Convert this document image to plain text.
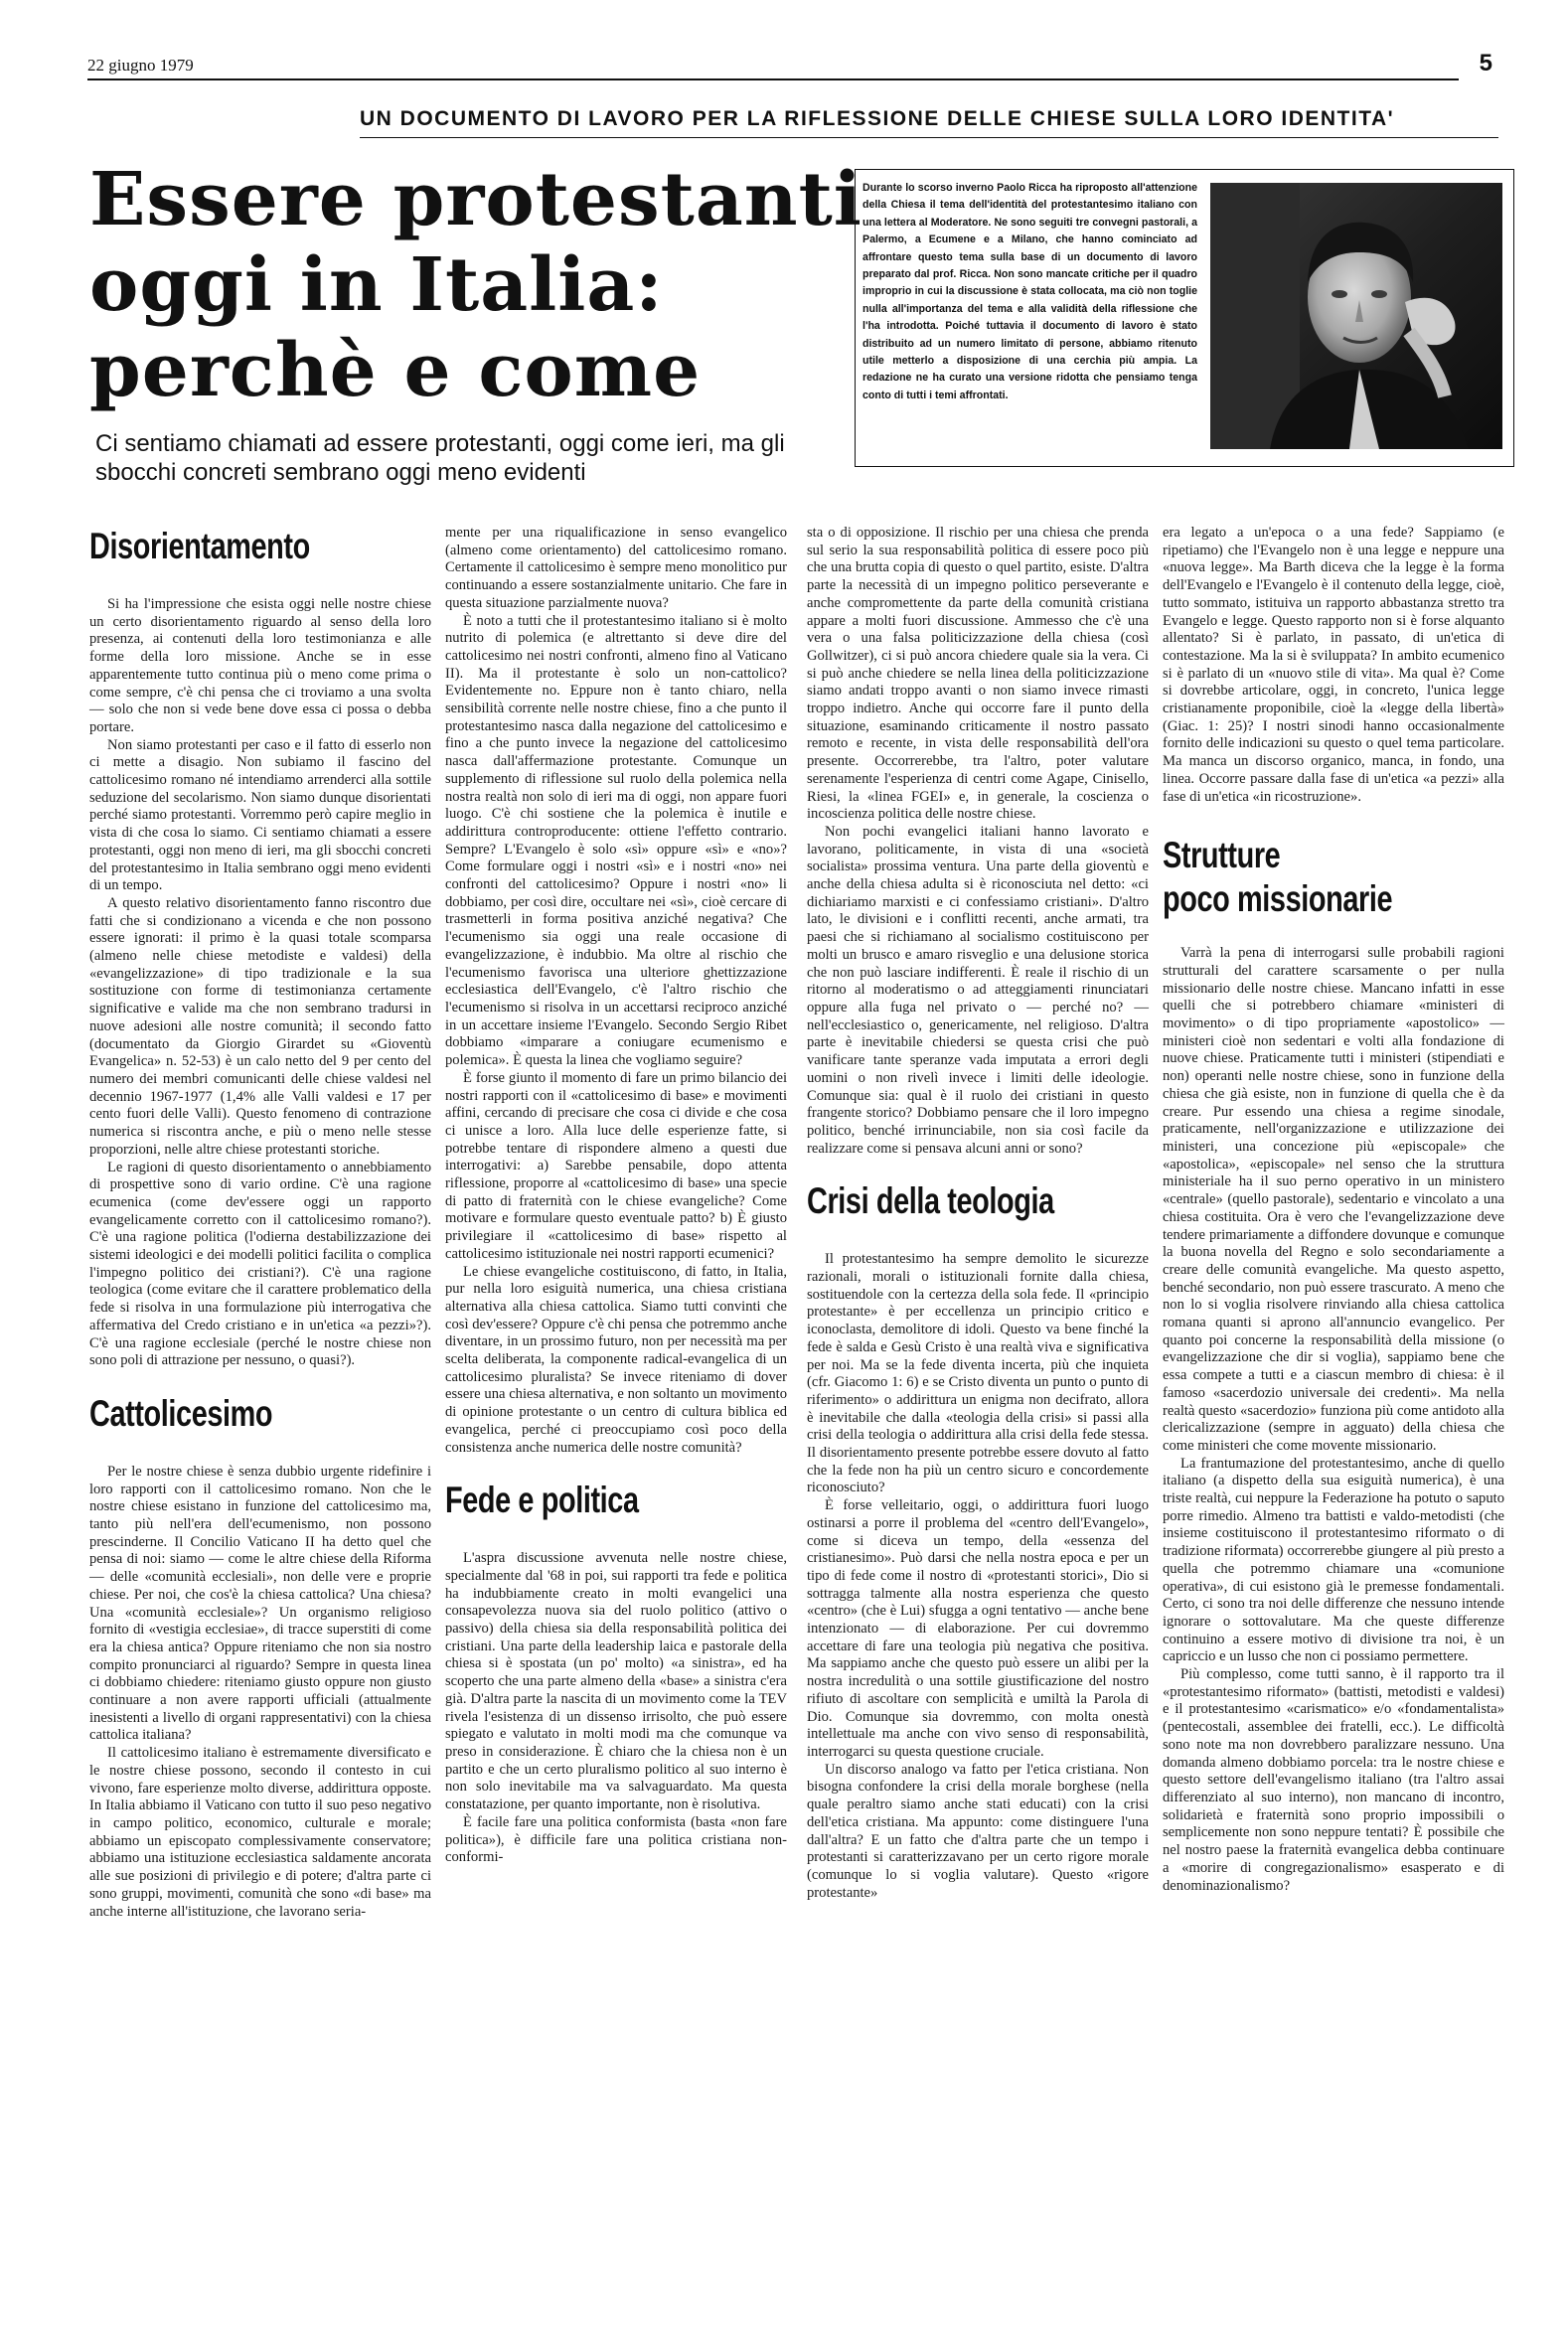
22 giugno 1979	5
UN DOCUMENTO DI LAVORO PER LA RIFLESSIONE DELLE CHIESE SULLA LORO IDENTITA'
Essere protestanti
oggi in Italia:
perchè e come
Ci sentiamo chiamati ad essere protestanti, oggi come ieri, ma gli sbocchi concreti sembrano oggi meno evidenti
Durante lo scorso inverno Paolo Ricca ha riproposto all'attenzione della Chiesa il tema dell'identità del protestantesimo italiano con una lettera al Moderatore. Ne sono seguiti tre convegni pastorali, a Palermo, a Ecumene e a Milano, che hanno cominciato ad affrontare questo tema sulla base di un documento di lavoro preparato dal prof. Ricca. Non sono mancate critiche per il quadro improprio in cui la discussione è stata collocata, ma ciò non toglie nulla all'importanza del tema e alla validità della riflessione che l'ha introdotta. Poiché tuttavia il documento di lavoro è stato distribuito ad un numero limitato di persone, abbiamo ritenuto utile metterlo a disposizione di una cerchia più ampia. La redazione ne ha curato una versione ridotta che pensiamo tenga conto di tutti i temi affrontati.
Disorientamento

Si ha l'impressione che esista oggi nelle nostre chiese un certo disorientamento riguardo al senso della loro presenza, ai contenuti della loro testimonianza e alle forme della loro missione. Anche se in esse apparentemente tutto continua più o meno come prima o come sempre, c'è chi pensa che ci troviamo a una svolta — solo che non si vede bene dove essa ci possa o debba portare.

Non siamo protestanti per caso e il fatto di esserlo non ci mette a disagio. Non subiamo il fascino del cattolicesimo romano né intendiamo arrenderci alla sottile seduzione del secolarismo. Non siamo dunque disorientati perché siamo protestanti. Vorremmo però capire meglio in vista di che cosa lo siamo. Ci sentiamo chiamati a essere protestanti, oggi non meno di ieri, ma gli sbocchi concreti del protestantesimo in Italia sembrano oggi meno evidenti di un tempo.

A questo relativo disorientamento fanno riscontro due fatti che si condizionano a vicenda e che non possono essere ignorati: il primo è la quasi totale scomparsa (almeno nelle chiese metodiste e valdesi) della «evangelizzazione» di tipo tradizionale e la sua sostituzione con forme di testimonianza certamente significative e valide ma che non sembrano tradursi in nuove adesioni alle nostre comunità; il secondo fatto (documentato da Giorgio Girardet su «Gioventù Evangelica» n. 52-53) è un calo netto del 9 per cento del numero dei membri comunicanti delle chiese valdesi nel decennio 1967-1977 (1,4% alle Valli valdesi e 17 per cento fuori delle Valli). Questo fenomeno di contrazione numerica si riscontra anche, e più o meno nelle stesse proporzioni, nelle altre chiese protestanti storiche.

Le ragioni di questo disorientamento o annebbiamento di prospettive sono di vario ordine. C'è una ragione ecumenica (come dev'essere oggi un rapporto evangelicamente corretto con il cattolicesimo romano?). C'è una ragione politica (l'odierna destabilizzazione dei sistemi ideologici e dei modelli politici facilita o complica l'impegno politico dei cristiani?). C'è una ragione teologica (come evitare che il carattere problematico della fede si risolva in una formulazione più interrogativa che affermativa del Credo cristiano e in un'etica «a pezzi»?). C'è una ragione ecclesiale (perché le nostre chiese non sono poli di attrazione per nessuno, o quasi?).

Cattolicesimo

Per le nostre chiese è senza dubbio urgente ridefinire i loro rapporti con il cattolicesimo romano. Non che le nostre chiese esistano in funzione del cattolicesimo ma, tanto più nell'era dell'ecumenismo, non possono prescinderne. Il Concilio Vaticano II ha detto quel che pensa di noi: siamo — come le altre chiese della Riforma — delle «comunità ecclesiali», non delle vere e proprie chiese. Per noi, che cos'è la chiesa cattolica? Una chiesa? Una «comunità ecclesiale»? Un organismo religioso fornito di «vestigia ecclesiae», di tracce superstiti di come era la chiesa antica? Oppure riteniamo che non sia nostro compito pronunciarci al riguardo? Sempre in questa linea ci dobbiamo chiedere: riteniamo giusto oppure non giusto continuare a non avere rapporti ufficiali (attualmente inesistenti a livello di organi rappresentativi) con la chiesa cattolica italiana?

Il cattolicesimo italiano è estremamente diversificato e le nostre chiese possono, secondo il contesto in cui vivono, fare esperienze molto diverse, addirittura opposte. In Italia abbiamo il Vaticano con tutto il suo peso negativo in campo politico, economico, culturale e morale; abbiamo un episcopato complessivamente conservatore; abbiamo una istituzione ecclesiastica saldamente ancorata alle sue posizioni di privilegio e di potere; d'altra parte ci sono gruppi, movimenti, comunità che sono «di base» ma anche interne all'istituzione, che lavorano seria-

mente per una riqualificazione in senso evangelico (almeno come orientamento) del cattolicesimo romano. Certamente il cattolicesimo è sempre meno monolitico pur continuando a essere sostanzialmente unitario. Che fare in questa situazione parzialmente nuova?

È noto a tutti che il protestantesimo italiano si è molto nutrito di polemica (e altrettanto si deve dire del cattolicesimo nei nostri confronti, almeno fino al Vaticano II). Ma il protestante è solo un non-cattolico? Evidentemente no. Eppure non è tanto chiaro, nella sensibilità corrente nelle nostre chiese, fino a che punto il protestantesimo nasca dalla negazione del cattolicesimo e fino a che punto invece la negazione del cattolicesimo nasca dall'affermazione protestante. Comunque un supplemento di riflessione sul ruolo della polemica nella nostra realtà non solo di ieri ma di oggi, non appare fuori luogo. C'è chi sostiene che la polemica è inutile e addirittura controproducente: ottiene l'effetto contrario. Sempre? L'Evangelo è solo «sì» oppure «sì» e «no»? Come formulare oggi i nostri «sì» e i nostri «no» nei confronti del cattolicesimo? Oppure i nostri «no» li dobbiamo, per così dire, occultare nei «sì», cioè cercare di trasmetterli in forma positiva anziché negativa? Che l'ecumenismo sia oggi una reale occasione di evangelizzazione, è indubbio. Ma oltre al rischio che l'ecumenismo favorisca una ulteriore ghettizzazione ecclesiastica dell'Evangelo, c'è l'altro rischio che l'ecumenismo si risolva in un accettarsi reciproco anziché in un accettare insieme l'Evangelo. Secondo Sergio Ribet dobbiamo «imparare a coniugare ecumenismo e polemica». È questa la linea che vogliamo seguire?

È forse giunto il momento di fare un primo bilancio dei nostri rapporti con il «cattolicesimo di base» e movimenti affini, cercando di precisare che cosa ci divide e che cosa ci unisce a loro. Alla luce delle esperienze fatte, si potrebbe tentare di rispondere almeno a questi due interrogativi: a) Sarebbe pensabile, dopo attenta riflessione, proporre al «cattolicesimo di base» una specie di patto di fraternità con le chiese evangeliche? Come motivare e formulare questo eventuale patto? b) È giusto privilegiare il «cattolicesimo di base» rispetto al cattolicesimo istituzionale nei nostri rapporti ecumenici?

Le chiese evangeliche costituiscono, di fatto, in Italia, pur nella loro esiguità numerica, una chiesa cristiana alternativa alla chiesa cattolica. Siamo tutti convinti che così dev'essere? Oppure c'è chi pensa che potremmo anche diventare, in un prossimo futuro, non per necessità ma per scelta deliberata, la componente radical-evangelica di un cattolicesimo pluralista? Se invece riteniamo di dover essere una chiesa alternativa, e non soltanto un movimento di opinione protestante o un centro di cultura biblica ed evangelica, perché ci preoccupiamo così poco della consistenza anche numerica delle nostre comunità?

Fede e politica

L'aspra discussione avvenuta nelle nostre chiese, specialmente dal '68 in poi, sui rapporti tra fede e politica ha indubbiamente creato in molti evangelici una consapevolezza nuova sia del ruolo politico (attivo o passivo) della chiesa sia della responsabilità politica dei cristiani. Una parte della leadership laica e pastorale della chiesa si è spostata (un po' molto) «a sinistra», ed ha scoperto che una parte almeno della «base» a sinistra c'era già. D'altra parte la nascita di un movimento come la TEV rivela l'esistenza di un dissenso irrisolto, che può essere spiegato e valutato in molti modi ma che comunque va preso in considerazione. È chiaro che la chiesa non è un partito e che un certo pluralismo politico al suo interno è non solo inevitabile ma va salvaguardato. Ma questa constatazione, per quanto importante, non è risolutiva.

È facile fare una politica conformista (basta «non fare politica»), è difficile fare una politica cristiana non-conformi-

sta o di opposizione. Il rischio per una chiesa che prenda sul serio la sua responsabilità politica di essere poco più che una brutta copia di questo o quel partito, esiste. D'altra parte la necessità di un impegno politico perseverante e anche compromettente da parte della comunità cristiana appare a molti fuori discussione. Ammesso che c'è una vera o una falsa politicizzazione della chiesa (così Gollwitzer), ci si può ancora chiedere quale sia la vera. Ci si può anche chiedere se nella linea della politicizzazione siamo andati troppo avanti o non siamo invece rimasti troppo indietro. Anche qui occorre fare il punto della situazione, esaminando criticamente il nostro passato remoto e recente, in vista delle responsabilità dell'ora presente. Occorrerebbe, tra l'altro, poter valutare serenamente l'esperienza di centri come Agape, Cinisello, Riesi, la «linea FGEI» e, in generale, la coscienza o incoscienza politica delle nostre chiese.

Non pochi evangelici italiani hanno lavorato e lavorano, politicamente, in vista di una «società socialista» prossima ventura. Una parte della gioventù e anche della chiesa adulta si è riconosciuta nel detto: «ci dichiariamo marxisti e ci confessiamo cristiani». D'altro lato, le divisioni e i conflitti recenti, anche armati, tra paesi che si richiamano al socialismo costituiscono per molti un brusco e amaro risveglio e una delusione storica che non può lasciare indifferenti. È reale il rischio di un ritorno al moderatismo o ad atteggiamenti rinunciatari oppure alla fuga nel privato o — perché no? — nell'ecclesiastico o, genericamente, nel religioso. D'altra parte è inevitabile chiedersi se questa crisi che può vanificare tante speranze vada imputata a errori degli uomini o non rivelì invece i limiti delle ideologie. Comunque sia: qual è il ruolo dei cristiani in questo frangente storico? Dobbiamo pensare che il loro impegno politico, benché irrinunciabile, non sia così facile da realizzare come si pensava alcuni anni or sono?

Crisi della teologia

Il protestantesimo ha sempre demolito le sicurezze razionali, morali o istituzionali fornite dalla chiesa, sostituendole con la certezza della sola fede. Il «principio protestante» è per eccellenza un principio critico e iconoclasta, demolitore di idoli. Questo va bene finché la fede è salda e Gesù Cristo è una realtà viva e significativa per noi. Ma se la fede diventa incerta, più che inquieta (cfr. Giacomo 1: 6) e se Cristo diventa un punto o punto di riferimento» o addirittura un enigma non decifrato, allora è inevitabile che dalla «teologia della crisi» si passi alla crisi della teologia o addirittura alla crisi della fede stessa. Il disorientamento presente potrebbe essere dovuto al fatto che la fede non ha più un centro sicuro e concordemente riconosciuto?

È forse velleitario, oggi, o addirittura fuori luogo ostinarsi a porre il problema del «centro dell'Evangelo», come si diceva un tempo, della «essenza del cristianesimo». Può darsi che nella nostra epoca e per un tipo di fede come il nostro di «protestanti storici», Dio si sottragga talmente alla nostra esperienza che questo «centro» (che è Lui) sfugga a ogni tentativo — anche bene intenzionato — di elaborazione. Per cui dovremmo accettare di fare una teologia più negativa che positiva. Ma sappiamo anche che questo può essere un alibi per la nostra incredulità o una sottile giustificazione del nostro rifiuto di ascoltare con semplicità e umiltà la Parola di Dio. Comunque sia dovremmo, con molta onestà intellettuale ma anche con vivo senso di responsabilità, interrogarci su questa questione cruciale.

Un discorso analogo va fatto per l'etica cristiana. Non bisogna confondere la crisi della morale borghese (nella quale peraltro siamo anche stati educati) con la crisi dell'etica cristiana. Ma appunto: come distinguere l'una dall'altra? E un fatto che d'altra parte che un tempo i protestanti si caratterizzavano per un certo rigore morale (comunque lo si voglia valutare). Questo «rigore protestante»

era legato a un'epoca o a una fede? Sappiamo (e ripetiamo) che l'Evangelo non è una legge e neppure una «nuova legge». Ma Barth diceva che la legge è la forma dell'Evangelo e l'Evangelo è il contenuto della legge, cioè, tutto sommato, istituiva un rapporto abbastanza stretto tra Evangelo e legge. Questo rapporto non si è forse alquanto allentato? Si è parlato, in passato, di un'etica di contestazione. Ma la si è sviluppata? In ambito ecumenico si è parlato di un «nuovo stile di vita». Ma qual è? Come si dovrebbe articolare, oggi, in concreto, l'unica legge cristianamente proponibile, cioè la «legge della libertà» (Giac. 1: 25)? I nostri sinodi hanno occasionalmente fornito delle indicazioni su questo o quel tema particolare. Ma manca un discorso organico, manca, in fondo, una linea. Occorre passare dalla fase di un'etica «a pezzi» alla fase di un'etica «in ricostruzione».

Strutture
poco missionarie

Varrà la pena di interrogarsi sulle probabili ragioni strutturali del carattere scarsamente o per nulla missionario delle nostre chiese. Mancano infatti in esse quelli che si potrebbero chiamare «ministeri di movimento» o di tipo propriamente «apostolico» — ministeri cioè non sedentari e volti alla fondazione di nuove chiese. Praticamente tutti i ministeri (stipendiati e non) operanti nelle nostre chiese, sono in funzione della chiesa che già esiste, non in funzione di quella che è da creare. Pur essendo una chiesa a regime sinodale, praticamente, nell'organizzazione e utilizzazione dei ministeri, una concezione più «episcopale» che «apostolica», «episcopale» nel senso che la struttura ministeriale ha il suo perno operativo in un ministero «centrale» (quello pastorale), sedentario e vincolato a una chiesa costituita. Ora è vero che l'evangelizzazione deve tendere primariamente a diffondere dovunque e comunque la buona novella del Regno e solo secondariamente a creare delle comunità evangeliche. Ma questo aspetto, benché secondario, non può essere trascurato. A meno che non lo si voglia risolvere rinviando alla chiesa cattolica romana quanti si aprono all'annuncio evangelico. Per quanto poi concerne la responsabilità della missione (o evangelizzazione che dir si voglia), sappiamo bene che essa compete a tutti e a ciascun membro di chiesa: è il famoso «sacerdozio universale dei credenti». Ma nella realtà questo «sacerdozio» funziona più come antidoto alla clericalizzazione (sempre in agguato) della chiesa che come ministeri che come movente missionario.

La frantumazione del protestantesimo, anche di quello italiano (a dispetto della sua esiguità numerica), è una triste realtà, cui neppure la Federazione ha potuto o saputo porre rimedio. Almeno tra battisti e valdo-metodisti (che insieme costituiscono il protestantesimo riformato o di tradizione riformata) occorrerebbe giungere al più presto a quella che potremmo chiamare una «comunione operativa», di cui esistono già le premesse fondamentali. Certo, ci sono tra noi delle differenze che nessuno intende ignorare o sottovalutare. Ma che queste differenze continuino a essere motivo di divisione tra noi, è un capriccio e un lusso che non ci possiamo permettere.

Più complesso, come tutti sanno, è il rapporto tra il «protestantesimo riformato» (battisti, metodisti e valdesi) e il protestantesimo «carismatico» e/o «fondamentalista» (pentecostali, assemblee dei fratelli, ecc.). Le difficoltà sono note ma non dovrebbero paralizzare nessuno. Una domanda almeno dobbiamo porcela: tra le nostre chiese e questo settore dell'evangelismo italiano (tra l'altro assai differenziato al suo interno), non mancano di incontro, solidarietà e fraternità sono proprio impossibili o semplicemente non sono neppure tentati? È possibile che nel nostro paese la fraternità evangelica debba continuare a «morire di congregazionalismo» esasperato e di denominazionalismo?
